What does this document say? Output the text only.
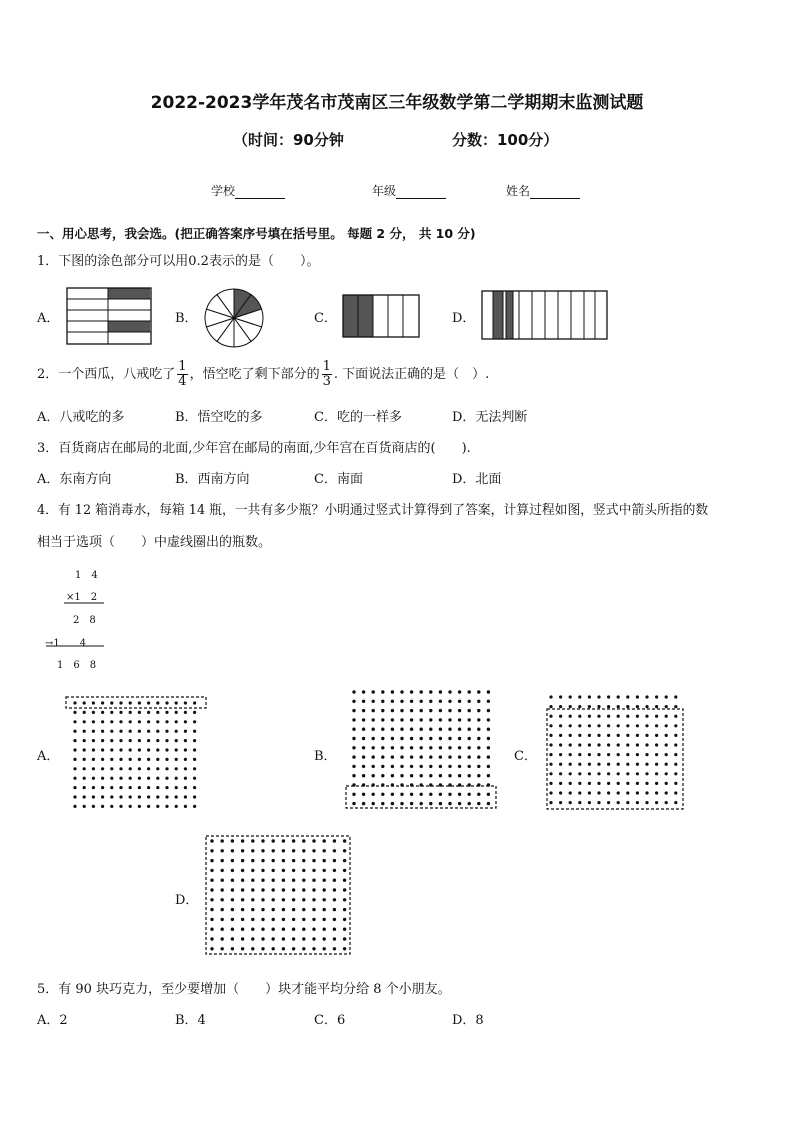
2022-2023学年茂名市茂南区三年级数学第二学期期末监测试题
（时间：90分钟	分数：100分）
学校	年级	姓名
一、用心思考，我会选。(把正确答案序号填在括号里。 每题 2 分， 共 10 分)
1．下图的涂色部分可以用0.2表示的是（　　）。
A．	B．	C．	D．
2．一个西瓜，八戒吃了 $\frac{1}{4}$ ，悟空吃了剩下部分的 $\frac{1}{3}$ . 下面说法正确的是（　）.
A．八戒吃的多	B．悟空吃的多	C．吃的一样多	D．无法判断
3．百货商店在邮局的北面,少年宫在邮局的南面,少年宫在百货商店的(　　).
A．东南方向	B．西南方向	C．南面	D．北面
4．有 12 箱消毒水，每箱 14 瓶，一共有多少瓶？小明通过竖式计算得到了答案，计算过程如图，竖式中箭头所指的数
相当于选项（　　）中虚线圈出的瓶数。
1　4
×1　2
2　8
→1　　4
1　6　8
A．	B．	C．
D．
5．有 90 块巧克力，至少要增加（　　）块才能平均分给 8 个小朋友。
A．2	B．4	C．6	D．8
